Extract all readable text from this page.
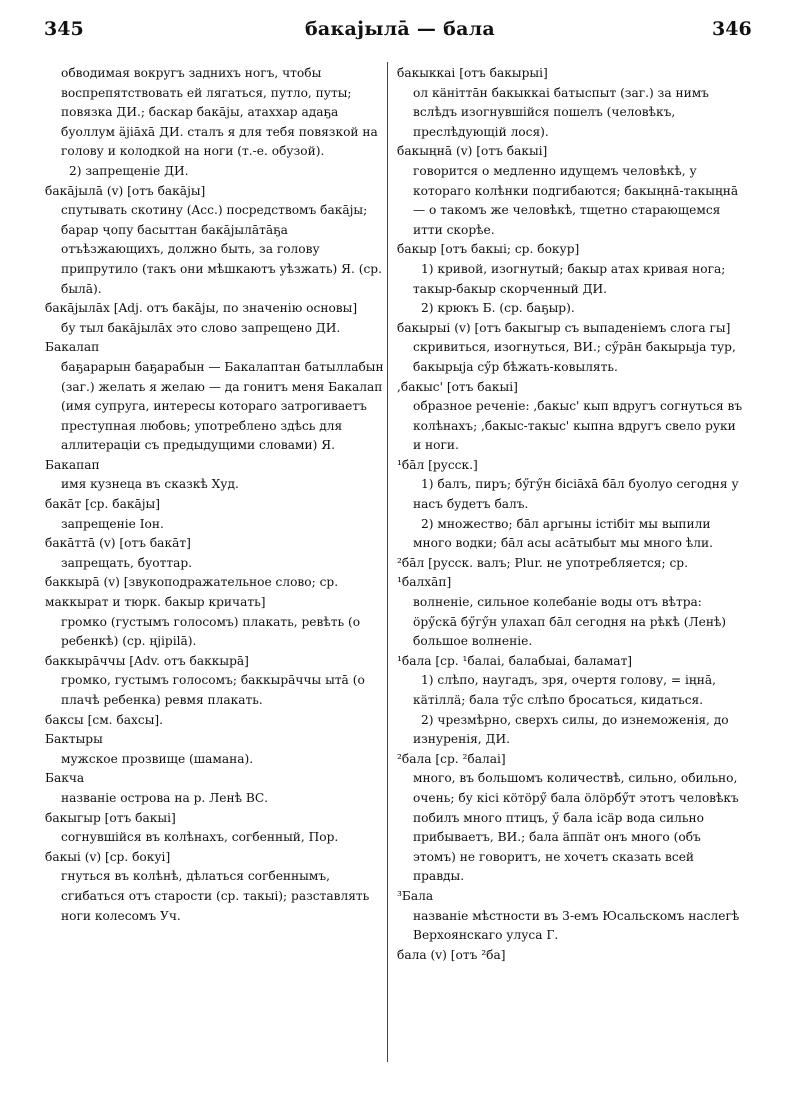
345	бакаjылā — бала	346

обводимая вокругъ заднихъ ногъ, чтобы воспрепятствовать ей лягаться, путло, путы; повязка ДИ.; баскар бакājы, атаххар адаҕа буоллум ӓjiāхā ДИ. сталъ я для тебя повязкой на голову и колодкой на ноги (т.-е. обузой).

2) запрещеніе ДИ.

бакājылā (v) [отъ бакājы]

спутывать скотину (Acc.) посредствомъ бакājы; барар ҷопу басыттан бакājылāтāҕа отъѣзжающихъ, должно быть, за голову припрутило (такъ они мѣшкаютъ уѣзжать) Я. (ср. былā).

бакājылāх [Adj. отъ бакājы, по значенію основы]

бу тыл бакājылāх это слово запрещено ДИ.

Бакалап

баҕарарын баҕарабын — Бакалаптан батыллабын (заг.) желать я желаю — да гонитъ меня Бакалап (имя супруга, интересы котораго затрогиваетъ преступная любовь; употреблено здѣсь для аллитераціи съ предыдущими словами) Я.

Бакапап

имя кузнеца въ сказкѣ Худ.

бакāт [ср. бакājы]

запрещеніе Іон.

бакāттā (v) [отъ бакāт]

запрещать, буоттар.

баккырā (v) [звукоподражательное слово; ср. маккырат и тюрк. бакыр кричать]

громко (густымъ голосомъ) плакать, ревѣть (о ребенкѣ) (ср. ңjipilā).

баккырāччы [Adv. отъ баккырā]

громко, густымъ голосомъ; баккырāччы ытā (о плачѣ ребенка) ревмя плакать.

баксы [см. бахсы].

Бактыры

мужское прозвище (шамана).

Бакча

названіе острова на р. Ленѣ ВС.

бакыгыр [отъ бакыi]

согнувшійся въ колѣнахъ, согбенный, Пор.

бакыi (v) [ср. бокуi]

гнуться въ колѣнѣ, дѣлаться согбеннымъ, сгибаться отъ старости (ср. такыi); разставлять ноги колесомъ Уч.

бакыккаi [отъ бакырыi]

ол кäнiттāн бакыккаi батыспыт (заг.) за нимъ вслѣдъ изогнувшійся пошелъ (человѣкъ, преслѣдующій лося).

бакыңнā (v) [отъ бакыi]

говорится о медленно идущемъ человѣкѣ, у котораго колѣнки подгибаются; бакыңнā-такыңнā — о такомъ же человѣкѣ, тщетно старающемся итти скорѣе.

бакыр [отъ бакыi; ср. бокур]

1) кривой, изогнутый; бакыр атах кривая нога; такыр-бакыр скорченный ДИ.

2) крюкъ Б. (ср. баҕыр).

бакырыi (v) [отъ бакыгыр съ выпаденіемъ слога гы]

скривиться, изогнуться, ВИ.; сӳрāн бакырыjа тур, бакырыjа сӳр бѣжать-ковылять.

,бакыс' [отъ бакыi]

образное реченіе: ,бакыс' кып вдругъ согнуться въ колѣнахъ; ,бакыс-такыс' кыпна вдругъ свело руки и ноги.

¹бāл [русск.]

1) балъ, пиръ; бӳгӳн бiсiāхā бāл буолуо сегодня у насъ будетъ балъ.

2) множество; бāл аргыны iстiбiт мы выпили много водки; бāл асы асāтыбыт мы много ѣли.

²бāл [русск. валъ; Plur. не употребляется; ср. ¹балхāп]

волненіе, сильное колебаніе воды отъ вѣтра: öрӳскā бӳгӳн улахап бāл сегодня на рѣкѣ (Ленѣ) большое волненіе.

¹бала [ср. ¹балаi, балабыаi, баламат]

1) слѣпо, наугадъ, зря, очертя голову, = iңнā, кäтiллä; бала тӳс слѣпо бросаться, кидаться.

2) чрезмѣрно, сверхъ силы, до изнеможенія, до изнуренія, ДИ.

²бала [ср. ²балаi]

много, въ большомъ количествѣ, сильно, обильно, очень; бу кiсi кöтöрӳ бала öлöрбӳт этотъ человѣкъ побилъ много птицъ, ӳ бала iсäр вода сильно прибываетъ, ВИ.; бала äппäт онъ много (объ этомъ) не говоритъ, не хочетъ сказать всей правды.

³Бала

названіе мѣстности въ 3-емъ Юсальскомъ наслегѣ Верхоянскаго улуса Г.

бала (v) [отъ ²ба]
